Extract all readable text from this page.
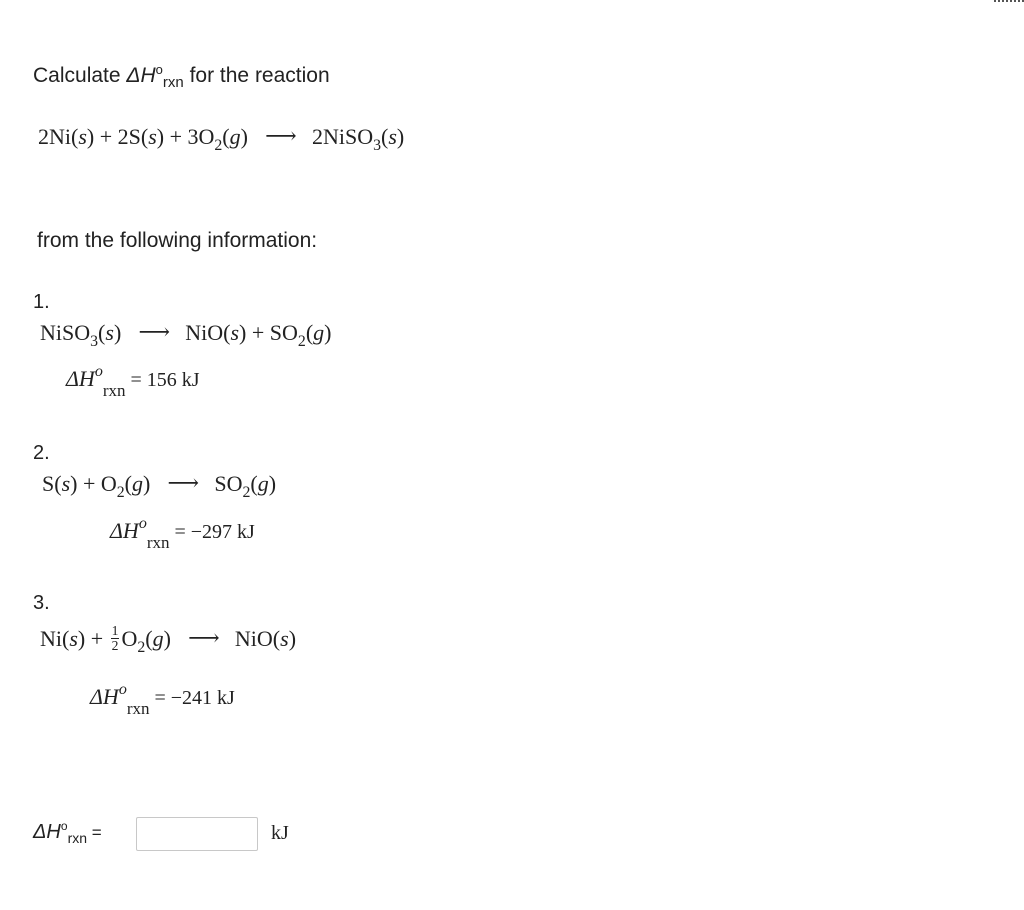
Calculate $\Delta H^o_{rxn}$ for the reaction
$2Ni(s) + 2S(s) + 3O_2(g)$ ⟶ 2NiSO$_3$(s)
from the following information:
1.
NiSO$_3$(s) ⟶ $NiO(s) + SO_2(g)$
$\Delta H^o_{rxn} = 156$ kJ
2.
$S(s) + O_2(g)$ ⟶ $SO_2(g)$
$\Delta H^o_{rxn} = -297$ kJ
3.
$Ni(s) + \frac{1}{2} O_2(g)$ ⟶ NiO(s)
$\Delta H^o_{rxn} = -241$ kJ
$\Delta H^o_{rxn}$ =	kJ
